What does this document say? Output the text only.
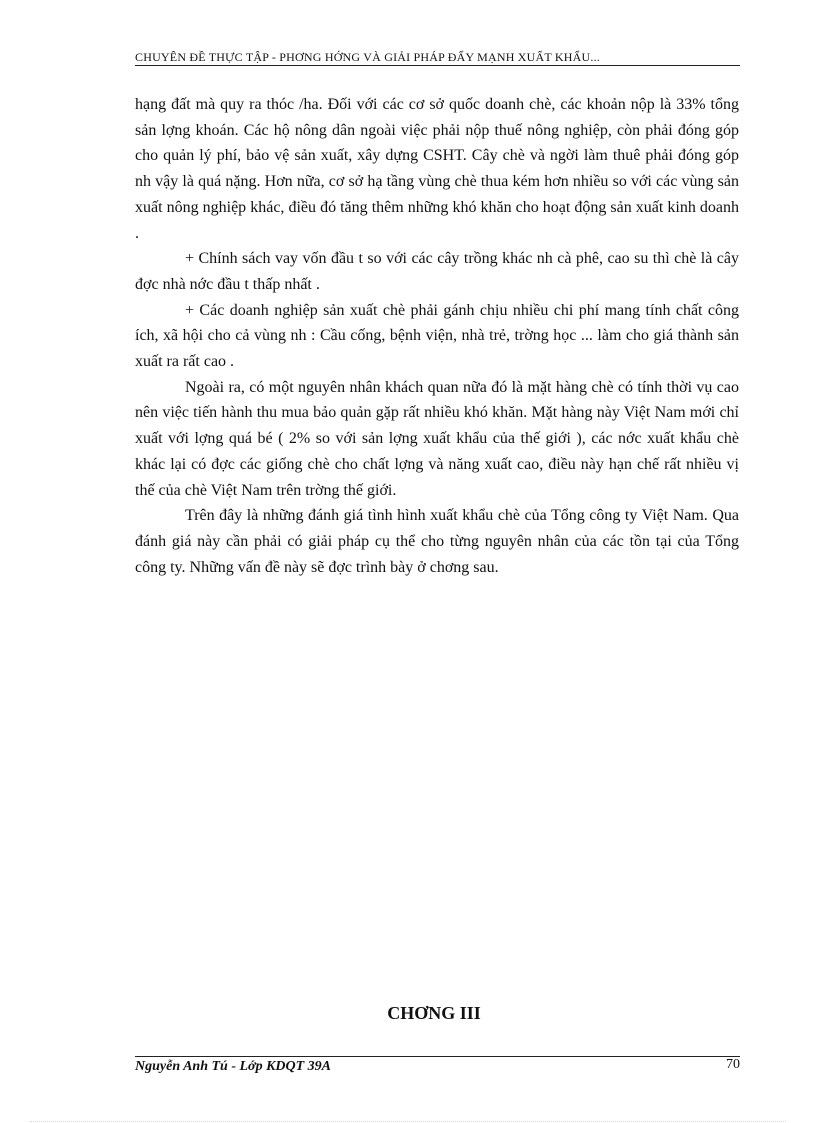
CHUYÊN ĐỀ THỰC TẬP - PHƠNG HỚNG VÀ GIẢI PHÁP ĐẨY MẠNH XUẤT KHẨU...

hạng đất mà quy ra thóc /ha. Đối với các cơ sở quốc doanh chè, các khoản nộp là 33% tổng sản lợng khoán. Các hộ nông dân ngoài việc phải nộp thuế nông nghiệp, còn phải đóng góp cho quản lý phí, bảo vệ sản xuất, xây dựng CSHT. Cây chè và ngời làm thuê phải đóng góp nh vậy là quá nặng. Hơn nữa, cơ sở hạ tầng vùng chè thua kém hơn nhiều so với các vùng sản xuất nông nghiệp khác, điều đó tăng thêm những khó khăn cho hoạt động sản xuất kinh doanh .

+ Chính sách vay vốn đầu t so với các cây trồng khác nh cà phê, cao su thì chè là cây đợc nhà nớc đầu t thấp nhất .

+ Các doanh nghiệp sản xuất chè phải gánh chịu nhiều chi phí mang tính chất công ích, xã hội cho cả vùng nh : Cầu cống, bệnh viện, nhà trẻ, trờng học ... làm cho giá thành sản xuất ra rất cao .

Ngoài ra, có một nguyên nhân khách quan nữa đó là mặt hàng chè có tính thời vụ cao nên việc tiến hành thu mua bảo quản gặp rất nhiều khó khăn. Mặt hàng này Việt Nam mới chỉ xuất với lợng quá bé ( 2% so với sản lợng xuất khẩu của thế giới ), các nớc xuất khẩu chè khác lại có đợc các giống chè cho chất lợng và năng xuất cao, điều này hạn chế rất nhiều vị thế của chè Việt Nam trên trờng thế giới.

Trên đây là những đánh giá tình hình xuất khẩu chè của Tổng công ty Việt Nam. Qua đánh giá này cần phải có giải pháp cụ thể cho từng nguyên nhân của các tồn tại của Tổng công ty. Những vấn đề này sẽ đợc trình bày ở chơng sau.

CHƠNG III
Nguyễn Anh Tú - Lớp KDQT 39A	70
